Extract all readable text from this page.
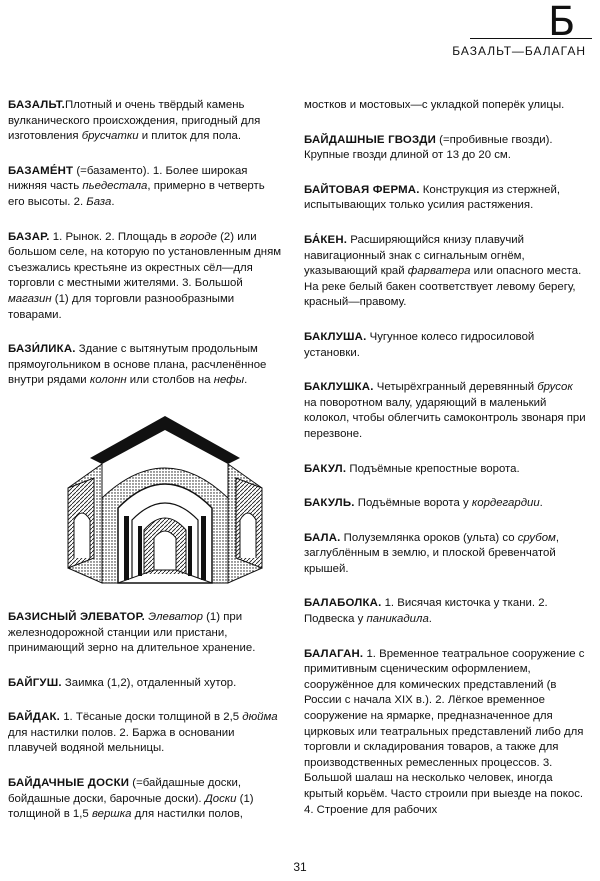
Б
БАЗАЛЬТ—БАЛАГАН

БАЗАЛЬТ.Плотный и очень твёрдый камень вулканического происхождения, пригодный для изготовления брусчатки и плиток для пола.

БАЗАМЕ́НТ (=базаменто). 1. Более широкая нижняя часть пьедестала, примерно в четверть его высоты. 2. База.

БАЗАР. 1. Рынок. 2. Площадь в городе (2) или большом селе, на которую по установленным дням съезжались крестьяне из окрестных сёл—для торговли с местными жителями. 3. Большой магазин (1) для торговли разнообразными товарами.

БАЗИ́ЛИКА. Здание с вытянутым продольным прямоугольником в основе плана, расчленённое внутри рядами колонн или столбов на нефы.

БАЗИСНЫЙ ЭЛЕВАТОР. Элеватор (1) при железнодорожной станции или пристани, принимающий зерно на длительное хранение.

БАЙГУШ. Заимка (1,2), отдаленный хутор.

БАЙДАК. 1. Тёсаные доски толщиной в 2,5 дюйма для настилки полов. 2. Баржа в основании плавучей водяной мельницы.

БАЙДАЧНЫЕ ДОСКИ (=байдашные доски, бойдашные доски, барочные доски). Доски (1) толщиной в 1,5 вершка для настилки полов,

мостков и мостовых—с укладкой поперёк улицы.

БАЙДАШНЫЕ ГВОЗДИ (=пробивные гвозди). Крупные гвозди длиной от 13 до 20 см.

БАЙТОВАЯ ФЕРМА. Конструкция из стержней, испытывающих только усилия растяжения.

БА́КЕН. Расширяющийся книзу плавучий навигационный знак с сигнальным огнём, указывающий край фарватера или опасного места. На реке белый бакен соответствует левому берегу, красный—правому.

БАКЛУША. Чугунное колесо гидросиловой установки.

БАКЛУШКА. Четырёхгранный деревянный брусок на поворотном валу, ударяющий в маленький колокол, чтобы облегчить самоконтроль звонаря при перезвоне.

БАКУЛ. Подъёмные крепостные ворота.

БАКУЛЬ. Подъёмные ворота у кордегардии.

БАЛА. Полуземлянка ороков (ульта) со срубом, заглублённым в землю, и плоской бревенчатой крышей.

БАЛАБОЛКА. 1. Висячая кисточка у ткани. 2. Подвеска у паникадила.

БАЛАГАН. 1. Временное театральное сооружение с примитивным сценическим оформлением, сооружённое для комических представлений (в России с начала XIX в.). 2. Лёгкое временное сооружение на ярмарке, предназначенное для цирковых или театральных представлений либо для торговли и складирования товаров, а также для производственных ремесленных процессов. 3. Большой шалаш на несколько человек, иногда крытый корьём. Часто строили при выезде на покос. 4. Строение для рабочих

31
